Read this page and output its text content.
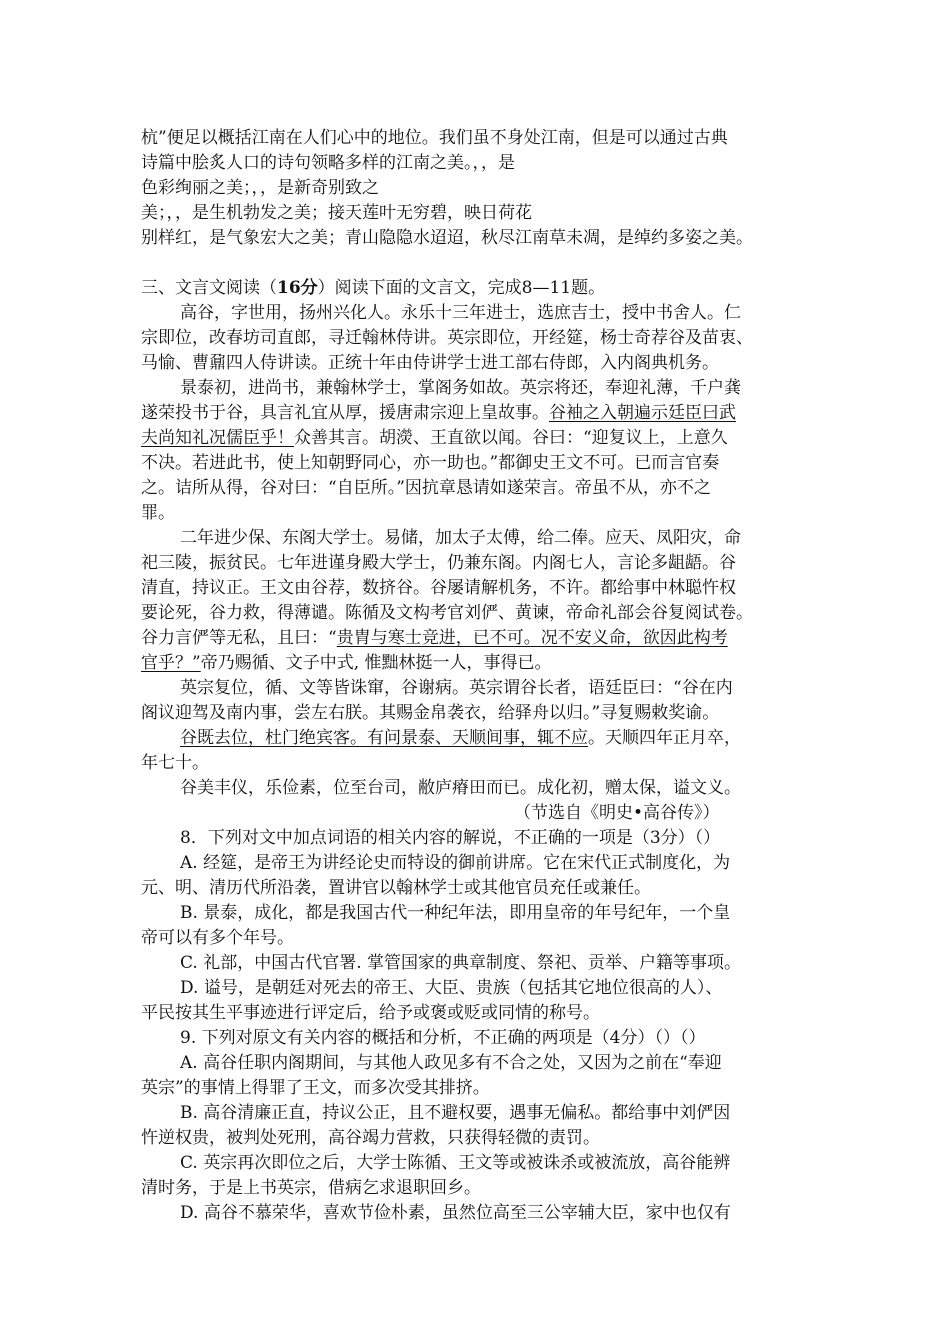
杭”便足以概括江南在人们心中的地位。我们虽不身处江南，但是可以通过古典
诗篇中脍炙人口的诗句领略多样的江南之美。，，是
色彩绚丽之美；，，是新奇别致之
美；，，是生机勃发之美；接天莲叶无穷碧，映日荷花
别样红，是气象宏大之美；青山隐隐水迢迢，秋尽江南草未凋，是绰约多姿之美。
三、文言文阅读（16分）阅读下面的文言文，完成8—11题。
高谷，字世用，扬州兴化人。永乐十三年进士，选庶吉士，授中书舍人。仁
宗即位，改春坊司直郎，寻迁翰林侍讲。英宗即位，开经筵，杨士奇荐谷及苗衷、
马愉、曹鼐四人侍讲读。正统十年由侍讲学士进工部右侍郎，入内阁典机务。
景泰初，进尚书，兼翰林学士，掌阁务如故。英宗将还，奉迎礼薄，千户龚
遂荣投书于谷，具言礼宜从厚，援唐肃宗迎上皇故事。谷袖之入朝遍示廷臣曰武
夫尚知礼况儒臣乎！众善其言。胡濙、王直欲以闻。谷曰：“迎复议上，上意久
不决。若进此书，使上知朝野同心，亦一助也。”都御史王文不可。已而言官奏
之。诘所从得，谷对曰：“自臣所。”因抗章恳请如遂荣言。帝虽不从，亦不之
罪。
二年进少保、东阁大学士。易储，加太子太傅，给二俸。应天、凤阳灾，命
祀三陵，振贫民。七年进谨身殿大学士，仍兼东阁。内阁七人，言论多龃龉。谷
清直，持议正。王文由谷荐，数挤谷。谷屡请解机务，不许。都给事中林聪忤权
要论死，谷力救，得薄谴。陈循及文构考官刘俨、黄谏，帝命礼部会谷复阅试卷。
谷力言俨等无私，且曰：“贵胄与寒士竞进，已不可。况不安义命，欲因此构考
官乎？”帝乃赐循、文子中式, 惟黜林挺一人，事得已。
英宗复位，循、文等皆诛窜，谷谢病。英宗谓谷长者，语廷臣曰：“谷在内
阁议迎驾及南内事，尝左右朕。其赐金帛袭衣，给驿舟以归。”寻复赐敕奖谕。
谷既去位，杜门绝宾客。有问景泰、天顺间事，辄不应。天顺四年正月卒，
年七十。
谷美丰仪，乐俭素，位至台司，敝庐瘠田而已。成化初，赠太保，谥文义。
（节选自《明史•高谷传》）
8．下列对文中加点词语的相关内容的解说，不正确的一项是（3分）（）
A. 经筵，是帝王为讲经论史而特设的御前讲席。它在宋代正式制度化，为
元、明、清历代所沿袭，置讲官以翰林学士或其他官员充任或兼任。
B. 景泰，成化，都是我国古代一种纪年法，即用皇帝的年号纪年，一个皇
帝可以有多个年号。
C. 礼部，中国古代官署. 掌管国家的典章制度、祭祀、贡举、户籍等事项。
D. 谥号，是朝廷对死去的帝王、大臣、贵族（包括其它地位很高的人）、
平民按其生平事迹进行评定后，给予或褒或贬或同情的称号。
9. 下列对原文有关内容的概括和分析，不正确的两项是（4分）（）（）
A. 高谷任职内阁期间，与其他人政见多有不合之处，又因为之前在“奉迎
英宗”的事情上得罪了王文，而多次受其排挤。
B. 高谷清廉正直，持议公正，且不避权要，遇事无偏私。都给事中刘俨因
忤逆权贵，被判处死刑，高谷竭力营救，只获得轻微的责罚。
C. 英宗再次即位之后，大学士陈循、王文等或被诛杀或被流放，高谷能辨
清时务，于是上书英宗，借病乞求退职回乡。
D. 高谷不慕荣华，喜欢节俭朴素，虽然位高至三公宰辅大臣，家中也仅有
